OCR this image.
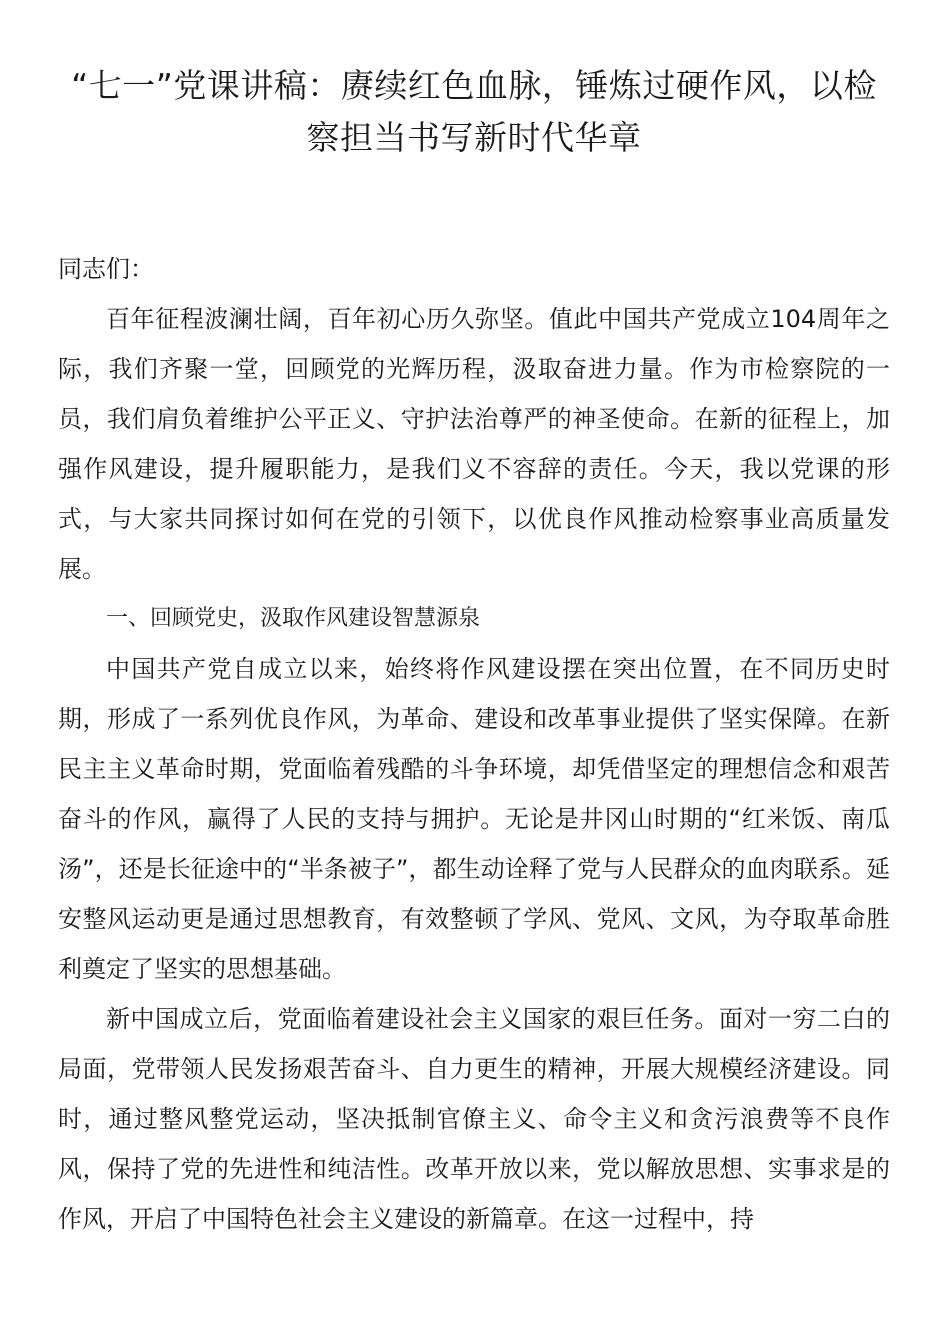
“七一”党课讲稿：赓续红色血脉，锤炼过硬作风，以检察担当书写新时代华章

同志们：

百年征程波澜壮阔，百年初心历久弥坚。值此中国共产党成立104周年之际，我们齐聚一堂，回顾党的光辉历程，汲取奋进力量。作为市检察院的一员，我们肩负着维护公平正义、守护法治尊严的神圣使命。在新的征程上，加强作风建设，提升履职能力，是我们义不容辞的责任。今天，我以党课的形式，与大家共同探讨如何在党的引领下，以优良作风推动检察事业高质量发展。

一、回顾党史，汲取作风建设智慧源泉

中国共产党自成立以来，始终将作风建设摆在突出位置，在不同历史时期，形成了一系列优良作风，为革命、建设和改革事业提供了坚实保障。在新民主主义革命时期，党面临着残酷的斗争环境，却凭借坚定的理想信念和艰苦奋斗的作风，赢得了人民的支持与拥护。无论是井冈山时期的“红米饭、南瓜汤”，还是长征途中的“半条被子”，都生动诠释了党与人民群众的血肉联系。延安整风运动更是通过思想教育，有效整顿了学风、党风、文风，为夺取革命胜利奠定了坚实的思想基础。

新中国成立后，党面临着建设社会主义国家的艰巨任务。面对一穷二白的局面，党带领人民发扬艰苦奋斗、自力更生的精神，开展大规模经济建设。同时，通过整风整党运动，坚决抵制官僚主义、命令主义和贪污浪费等不良作风，保持了党的先进性和纯洁性。改革开放以来，党以解放思想、实事求是的作风，开启了中国特色社会主义建设的新篇章。在这一过程中，持
